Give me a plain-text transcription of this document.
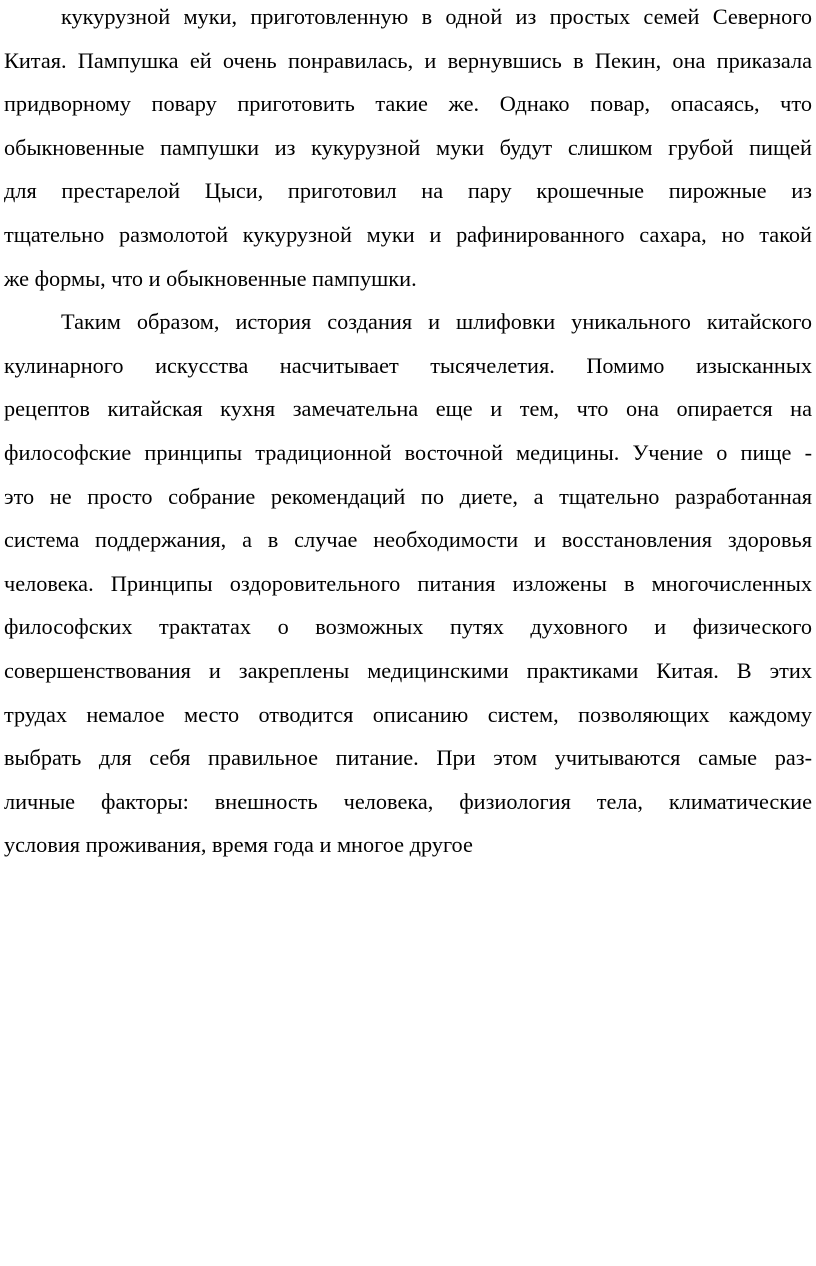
кукурузной муки, приготовленную в одной из простых семей Северного
Китая. Пампушка ей очень понравилась, и вернувшись в Пекин, она приказала
придворному повару приготовить такие же. Однако повар, опасаясь, что
обыкновенные пампушки из кукурузной муки будут слишком грубой пищей
для престарелой Цыси, приготовил на пару крошечные пирожные из
тщательно размолотой кукурузной муки и рафинированного сахара, но такой
же формы, что и обыкновенные пампушки.
Таким образом, история создания и шлифовки уникального китайского
кулинарного искусства насчитывает тысячелетия. Помимо изысканных
рецептов китайская кухня замечательна еще и тем, что она опирается на
философские принципы традиционной восточной медицины. Учение о пище -
это не просто собрание рекомендаций по диете, а тщательно разработанная
система поддержания, а в случае необходимости и восстановления здоровья
человека. Принципы оздоровительного питания изложены в многочисленных
философских трактатах о возможных путях духовного и физического
совершенствования и закреплены медицинскими практиками Китая. В этих
трудах немалое место отводится описанию систем, позволяющих каждому
выбрать для себя правильное питание. При этом учитываются самые раз-
личные факторы: внешность человека, физиология тела, климатические
условия проживания, время года и многое другое
